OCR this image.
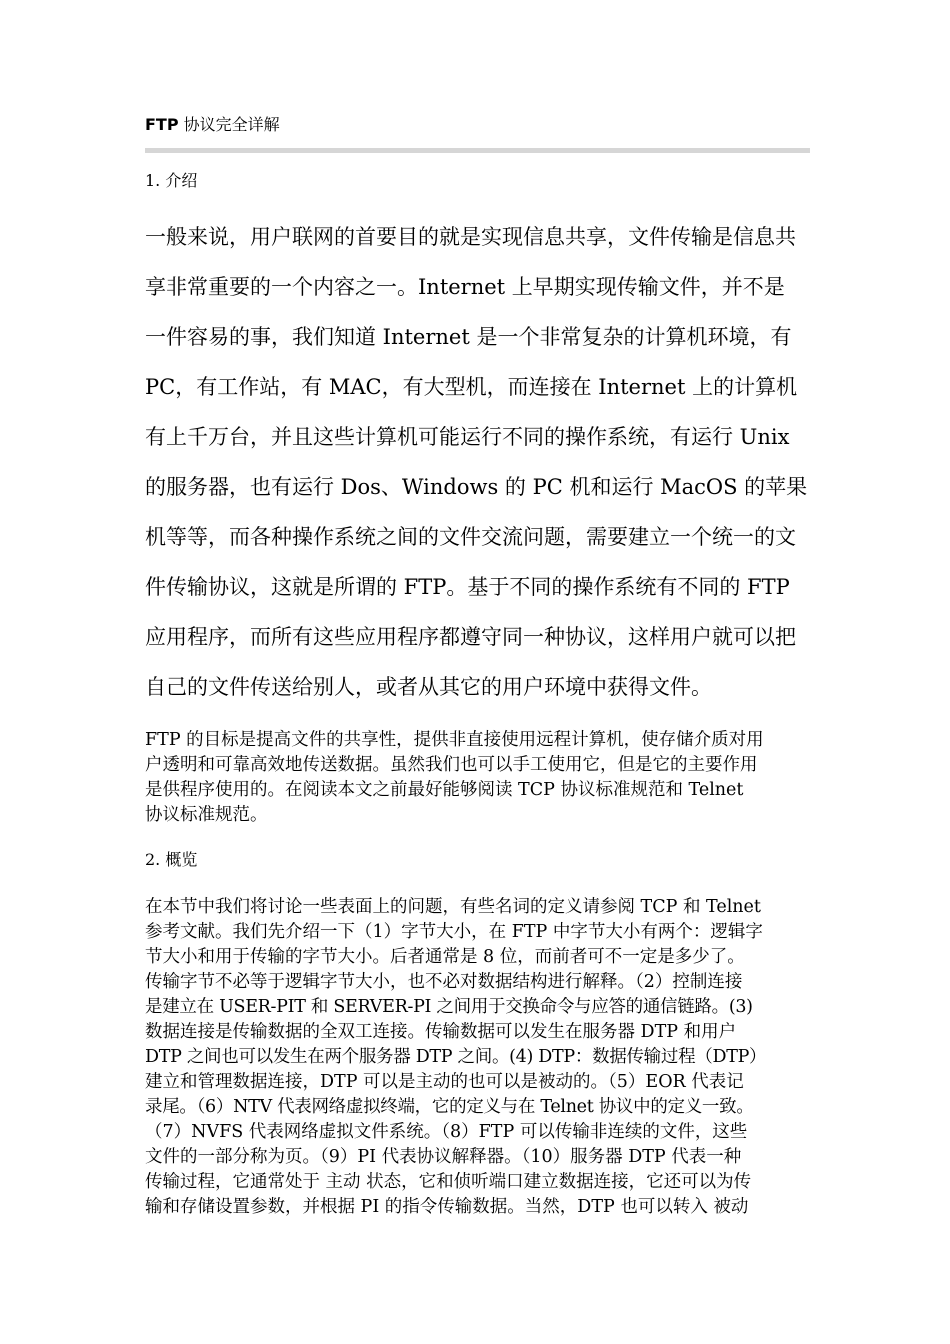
FTP 协议完全详解
1. 介绍
一般来说，用户联网的首要目的就是实现信息共享，文件传输是信息共
享非常重要的一个内容之一。Internet 上早期实现传输文件，并不是
一件容易的事，我们知道 Internet 是一个非常复杂的计算机环境，有
PC，有工作站，有 MAC，有大型机，而连接在 Internet 上的计算机
有上千万台，并且这些计算机可能运行不同的操作系统，有运行 Unix
的服务器，也有运行 Dos、Windows 的 PC 机和运行 MacOS 的苹果
机等等，而各种操作系统之间的文件交流问题，需要建立一个统一的文
件传输协议，这就是所谓的 FTP。基于不同的操作系统有不同的 FTP
应用程序，而所有这些应用程序都遵守同一种协议，这样用户就可以把
自己的文件传送给别人，或者从其它的用户环境中获得文件。
FTP 的目标是提高文件的共享性，提供非直接使用远程计算机，使存储介质对用
户透明和可靠高效地传送数据。虽然我们也可以手工使用它，但是它的主要作用
是供程序使用的。在阅读本文之前最好能够阅读 TCP 协议标准规范和 Telnet
协议标准规范。
2. 概览
在本节中我们将讨论一些表面上的问题，有些名词的定义请参阅 TCP 和 Telnet
参考文献。我们先介绍一下（1）字节大小，在 FTP 中字节大小有两个：逻辑字
节大小和用于传输的字节大小。后者通常是 8 位，而前者可不一定是多少了。
传输字节不必等于逻辑字节大小，也不必对数据结构进行解释。（2）控制连接
是建立在 USER-PIT 和 SERVER-PI 之间用于交换命令与应答的通信链路。(3)
数据连接是传输数据的全双工连接。传输数据可以发生在服务器 DTP 和用户
DTP 之间也可以发生在两个服务器 DTP 之间。(4) DTP：数据传输过程（DTP）
建立和管理数据连接，DTP 可以是主动的也可以是被动的。（5）EOR 代表记
录尾。（6）NTV 代表网络虚拟终端，它的定义与在 Telnet 协议中的定义一致。
（7）NVFS 代表网络虚拟文件系统。（8）FTP 可以传输非连续的文件，这些
文件的一部分称为页。（9）PI 代表协议解释器。（10）服务器 DTP 代表一种
传输过程，它通常处于 主动 状态，它和侦听端口建立数据连接，它还可以为传
输和存储设置参数，并根据 PI 的指令传输数据。当然，DTP 也可以转入 被动
